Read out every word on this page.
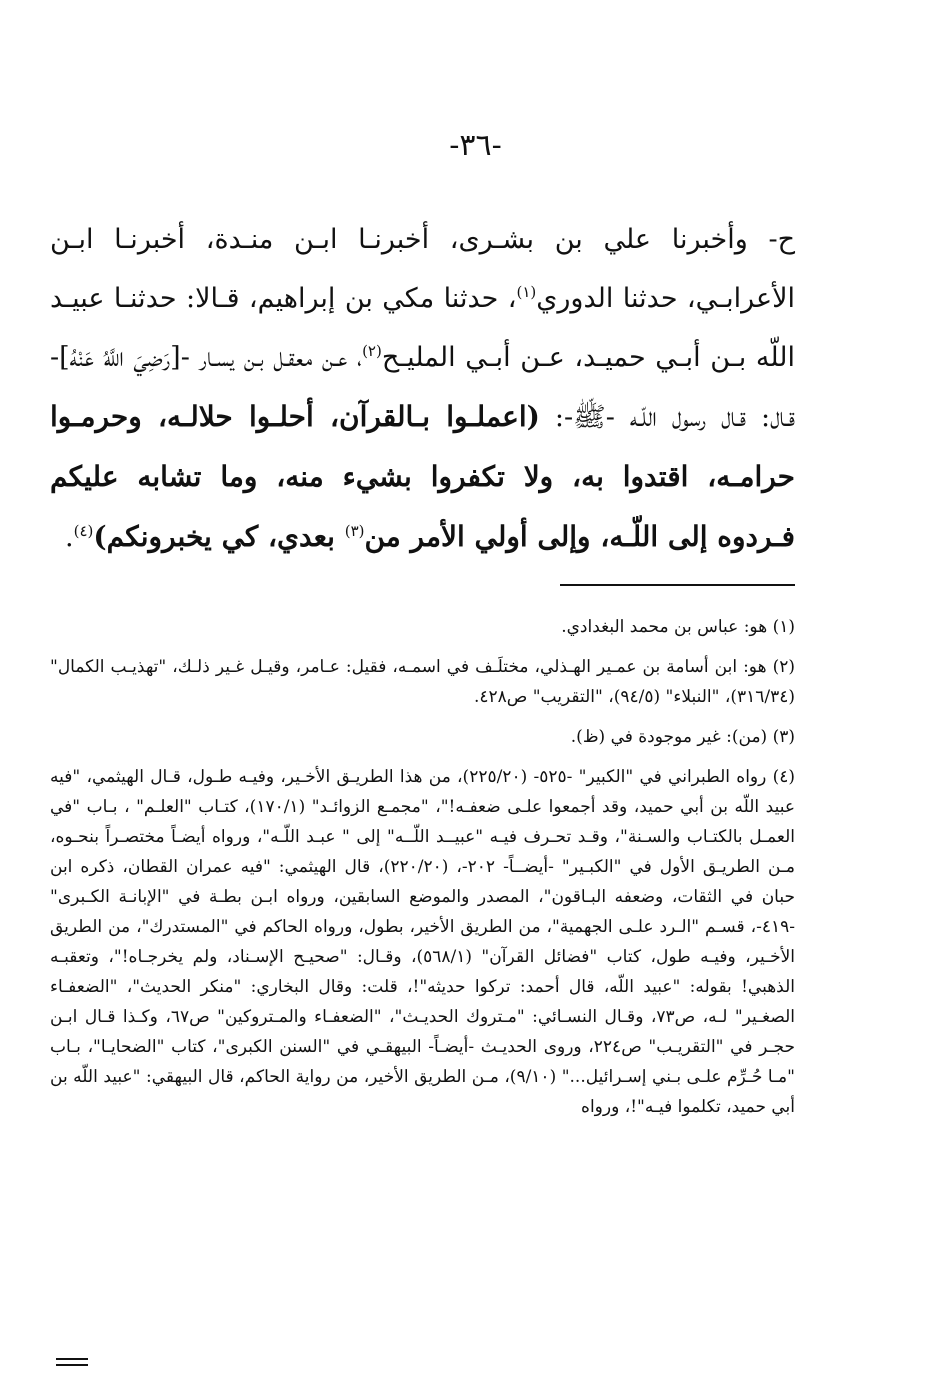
-٣٦-

ح- وأخبرنا علي بن بشـرى، أخبرنـا ابـن منـدة، أخبرنـا ابـن الأعرابـي، حدثنا الدوري$^{(١)}$، حدثنا مكي بن إبراهيم، قـالا: حدثنـا عبيـد اللّه بـن أبـي حميـد، عـن أبـي المليـح$^{(٢)}$، عـن معقـل بـن يسـار -[رَضِيَ اللَّهُ عَنْهُ]- قـال: قـال رسول اللّـه -ﷺ-: (اعملـوا بـالقرآن، أحلـوا حلالـه، وحرمـوا حرامـه، اقتدوا به، ولا تكفروا بشيء منه، وما تشابه عليكم فـردوه إلى اللّـه، وإلى أولي الأمر من$^{(٣)}$ بعدي، كي يخبرونكم)$^{(٤)}$.

(١) هو: عباس بن محمد البغدادي.

(٢) هو: ابن أسامة بن عمـير الهـذلي، مختلَـف في اسمـه، فقيل: عـامر، وقيـل غـير ذلـك، "تهذيـب الكمال" (٣١٦/٣٤)، "النبلاء" (٩٤/٥)، "التقريب" ص٤٢٨.

(٣) (من): غير موجودة في (ظ).

(٤) رواه الطبراني في "الكبير" -٥٢٥- (٢٢٥/٢٠)، من هذا الطريـق الأخـير، وفيـه طـول، قـال الهيثمي، "فيه عبيد اللّه بن أبي حميد، وقد أجمعوا علـى ضعفـه!"، "مجمـع الزوائـد" (١٧٠/١)، كتـاب "العلـم" ، بـاب "في العمـل بالكتـاب والسـنة"، وقـد تحـرف فيـه "عبيــد اللّــه" إلى " عبـد اللّـه"، ورواه أيضـاً مختصـراً بنحـوه، مـن الطريـق الأول في "الكبـير" -أيضــاً- ٢٠٢-، (٢٢٠/٢٠)، قال الهيثمي: "فيه عمران القطان، ذكره ابن حبان في الثقات، وضعفه البـاقون"، المصدر والموضع السابقين، ورواه ابـن بطـة في "الإبانـة الكـبرى" -٤١٩-، قسـم "الـرد علـى الجهمية"، من الطريق الأخير، بطول، ورواه الحاكم في "المستدرك"، من الطريق الأخـير، وفيـه طول، كتاب "فضائل القرآن" (٥٦٨/١)، وقـال: "صحيـح الإسـناد، ولم يخرجـاه!"، وتعقبـه الذهبي! بقوله: "عبيد اللّه، قال أحمد: تركوا حديثه"!، قلت: وقال البخاري: "منكر الحديث"، "الضعفـاء الصغـير" لـه، ص٧٣، وقـال النسـائي: "مـتروك الحديـث"، "الضعفـاء والمـتروكين" ص٦٧، وكـذا قـال ابـن حجـر في "التقريـب" ص٢٢٤، وروى الحديـث -أيضـاً- البيهقـي في "السنن الكبرى"، كتاب "الضحايـا"، بـاب "مـا حُـرِّم علـى بـني إسـرائيل..." (٩/١٠)، مـن الطريق الأخير، من رواية الحاكم، قال البيهقي: "عبيد اللّه بن أبي حميد، تكلموا فيـه"!، ورواه
